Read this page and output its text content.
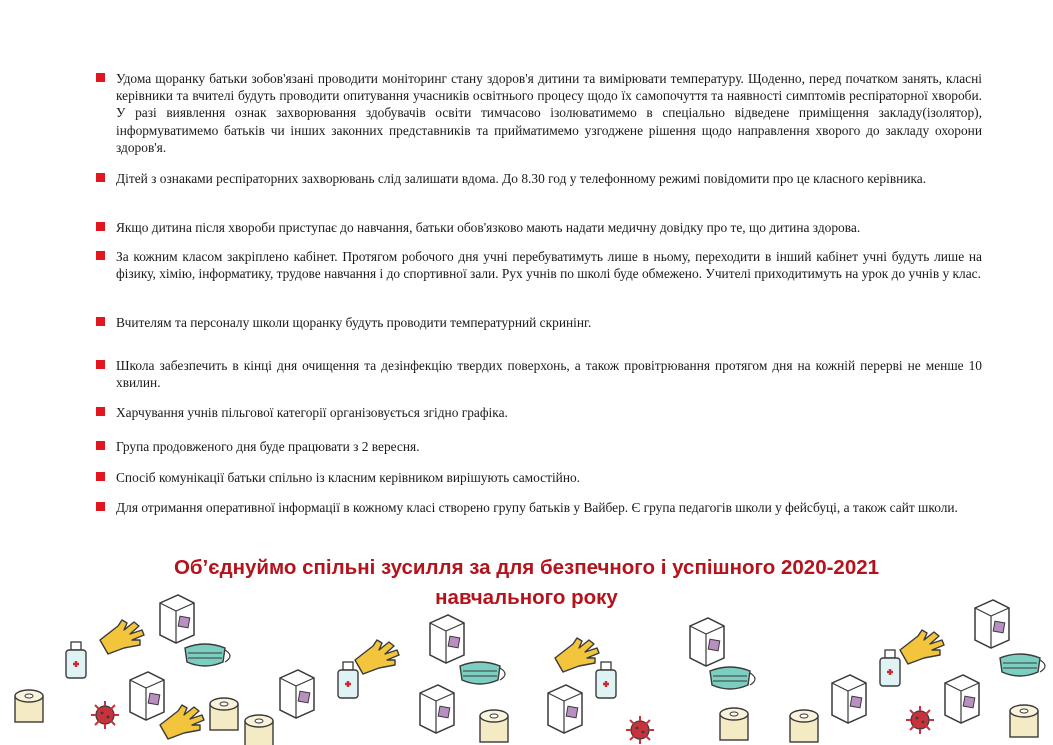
Удома щоранку батьки зобов'язані проводити моніторинг стану здоров'я дитини та вимірювати температуру. Щоденно, перед початком занять, класні керівники та вчителі будуть проводити опитування учасників освітнього процесу щодо їх самопочуття та наявності симптомів респіраторної хвороби. У разі виявлення ознак захворювання здобувачів освіти тимчасово ізолюватимемо в спеціально відведене приміщення закладу(ізолятор), інформуватимемо батьків чи інших законних представників та прийматимемо узгоджене рішення щодо направлення хворого до закладу охорони здоров'я.
Дітей з ознаками респіраторних захворювань слід залишати вдома. До 8.30 год у телефонному режимі повідомити про це класного керівника.
Якщо дитина після хвороби приступає до навчання, батьки обов'язково мають надати медичну довідку про те, що дитина здорова.
За кожним класом закріплено кабінет. Протягом робочого дня учні перебуватимуть лише в ньому, переходити в інший кабінет учні будуть лише на фізику, хімію, інформатику, трудове навчання і до спортивної зали. Рух учнів по школі буде обмежено. Учителі приходитимуть на урок до учнів у клас.
Вчителям та персоналу школи щоранку будуть проводити температурний скринінг.
Школа забезпечить в кінці дня очищення та дезінфекцію твердих поверхонь, а також провітрювання протягом дня на кожній перерві не менше 10 хвилин.
Харчування учнів пільгової категорії організовується згідно графіка.
Група продовженого дня буде працювати з 2 вересня.
Спосіб комунікації батьки спільно із класним керівником вирішують самостійно.
Для отримання оперативної інформації в кожному класі створено групу батьків у Вайбер. Є група педагогів школи у фейсбуці, а також сайт школи.
Об’єднуймо спільні зусилля за для безпечного і успішного 2020-2021
навчального року
